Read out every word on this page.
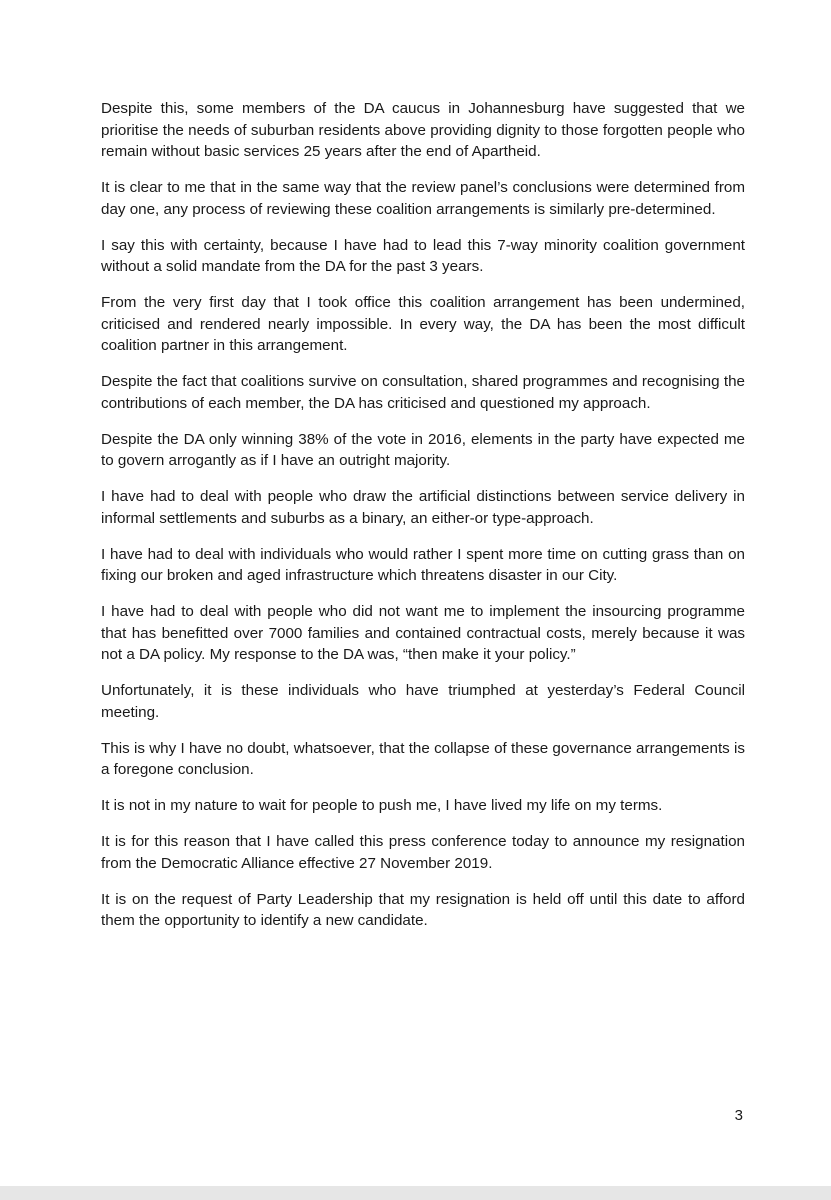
Despite this, some members of the DA caucus in Johannesburg have suggested that we prioritise the needs of suburban residents above providing dignity to those forgotten people who remain without basic services 25 years after the end of Apartheid.

It is clear to me that in the same way that the review panel’s conclusions were determined from day one, any process of reviewing these coalition arrangements is similarly pre-determined.

I say this with certainty, because I have had to lead this 7-way minority coalition government without a solid mandate from the DA for the past 3 years.

From the very first day that I took office this coalition arrangement has been undermined, criticised and rendered nearly impossible. In every way, the DA has been the most difficult coalition partner in this arrangement.

Despite the fact that coalitions survive on consultation, shared programmes and recognising the contributions of each member, the DA has criticised and questioned my approach.

Despite the DA only winning 38% of the vote in 2016, elements in the party have expected me to govern arrogantly as if I have an outright majority.

I have had to deal with people who draw the artificial distinctions between service delivery in informal settlements and suburbs as a binary, an either-or type-approach.

I have had to deal with individuals who would rather I spent more time on cutting grass than on fixing our broken and aged infrastructure which threatens disaster in our City.

I have had to deal with people who did not want me to implement the insourcing programme that has benefitted over 7000 families and contained contractual costs, merely because it was not a DA policy. My response to the DA was, “then make it your policy.”

Unfortunately, it is these individuals who have triumphed at yesterday’s Federal Council meeting.

This is why I have no doubt, whatsoever, that the collapse of these governance arrangements is a foregone conclusion.

It is not in my nature to wait for people to push me, I have lived my life on my terms.

It is for this reason that I have called this press conference today to announce my resignation from the Democratic Alliance effective 27 November 2019.

It is on the request of Party Leadership that my resignation is held off until this date to afford them the opportunity to identify a new candidate.

3
